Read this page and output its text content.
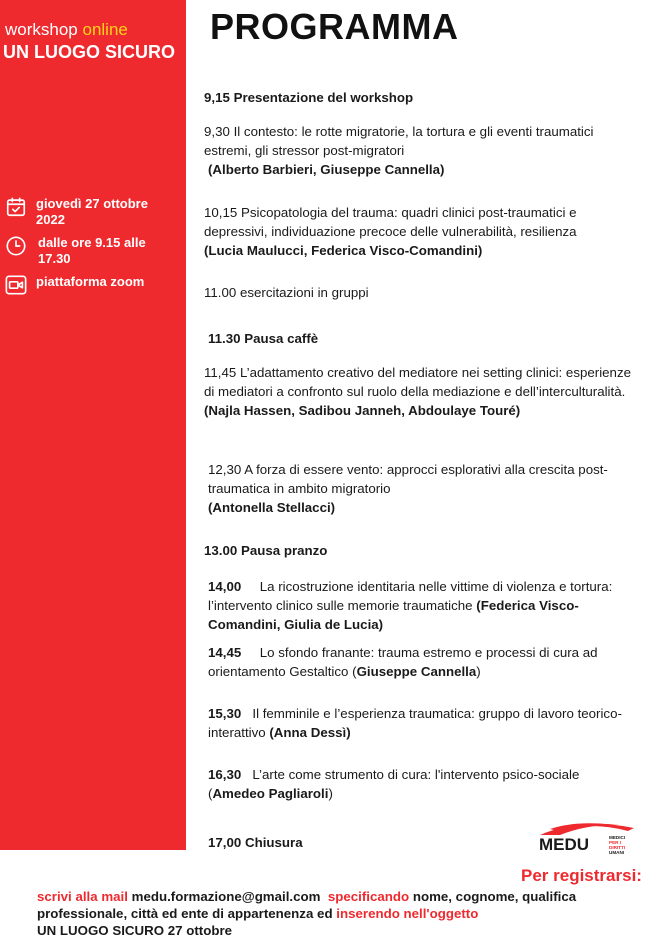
workshop online
UN LUOGO SICURO
giovedì 27 ottobre 2022
dalle ore 9.15 alle 17.30
piattaforma zoom
PROGRAMMA
9,15 Presentazione del workshop
9,30 Il contesto: le rotte migratorie, la tortura e gli eventi traumatici estremi, gli stressor post-migratori
(Alberto Barbieri, Giuseppe Cannella)
10,15 Psicopatologia del trauma: quadri clinici post-traumatici e depressivi, individuazione precoce delle vulnerabilità, resilienza
(Lucia Maulucci, Federica Visco-Comandini)
11.00 esercitazioni in gruppi
11.30 Pausa caffè
11,45 L’adattamento creativo del mediatore nei setting clinici: esperienze di mediatori a confronto sul ruolo della mediazione e dell’interculturalità.(Najla Hassen, Sadibou Janneh, Abdoulaye Touré)
12,30 A forza di essere vento: approcci esplorativi alla crescita post-traumatica in ambito migratorio
(Antonella Stellacci)
13.00 Pausa pranzo
14,00 La ricostruzione identitaria nelle vittime di violenza e tortura: l’intervento clinico sulle memorie traumatiche (Federica Visco-Comandini, Giulia de Lucia)
14,45 Lo sfondo franante: trauma estremo e processi di cura ad orientamento Gestaltico (Giuseppe Cannella)
15,30 Il femminile e l’esperienza traumatica: gruppo di lavoro teorico-interattivo (Anna Dessì)
16,30 L’arte come strumento di cura: l'intervento psico-sociale (Amedeo Pagliaroli)
17,00 Chiusura	MEDU	MEDICI
PER I
DIRITTI
UMANI
Per registrarsi:
scrivi alla mail medu.formazione@gmail.com specificando nome, cognome, qualifica professionale, città ed ente di appartenenza ed inserendo nell'oggetto
UN LUOGO SICURO 27 ottobre
